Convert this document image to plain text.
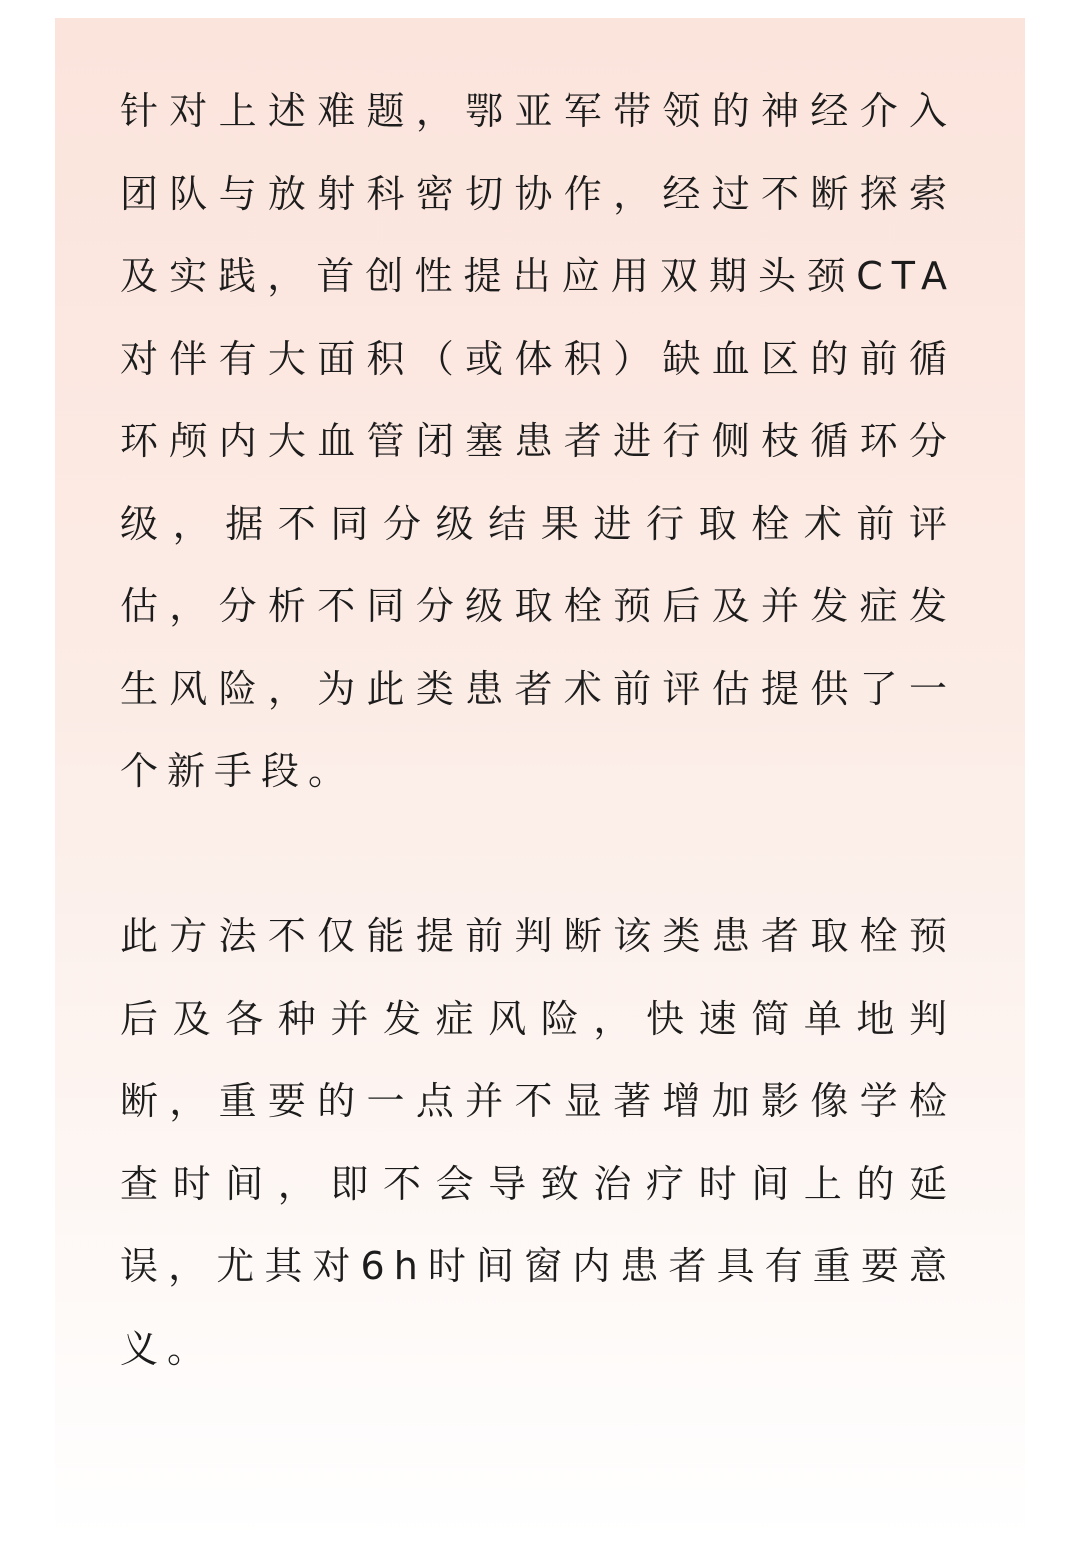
针对上述难题，鄂亚军带领的神经介入团队与放射科密切协作，经过不断探索及实践，首创性提出应用双期头颈CTA对伴有大面积（或体积）缺血区的前循环颅内大血管闭塞患者进行侧枝循环分级，据不同分级结果进行取栓术前评估，分析不同分级取栓预后及并发症发生风险，为此类患者术前评估提供了一个新手段。

此方法不仅能提前判断该类患者取栓预后及各种并发症风险，快速简单地判断，重要的一点并不显著增加影像学检查时间，即不会导致治疗时间上的延误，尤其对6h时间窗内患者具有重要意义。
